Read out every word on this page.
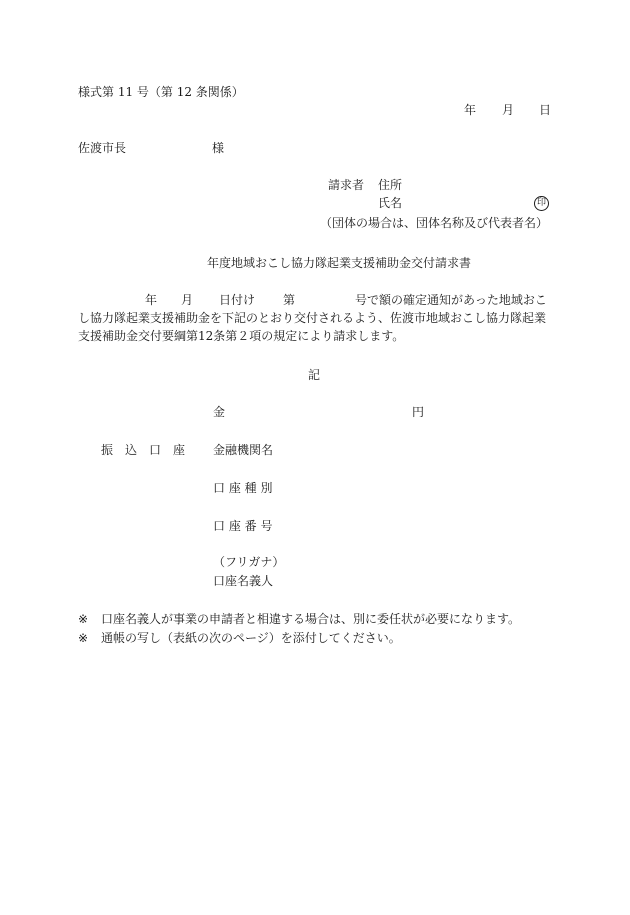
様式第 11 号（第 12 条関係）
年 月 日
佐渡市長	様
請求者 住所
氏名	印
（団体の場合は、団体名称及び代表者名）
年度地域おこし協力隊起業支援補助金交付請求書
年 月 日付け 第	号で額の確定通知があった地域おこ
し協力隊起業支援補助金を下記のとおり交付されるよう、佐渡市地域おこし協力隊起業
支援補助金交付要綱第12条第２項の規定により請求します。
記
金	円
振　込　口　座 金融機関名
口 座 種 別
口 座 番 号
（フリガナ）
口座名義人
※ 口座名義人が事業の申請者と相違する場合は、別に委任状が必要になります。
※ 通帳の写し（表紙の次のページ）を添付してください。
